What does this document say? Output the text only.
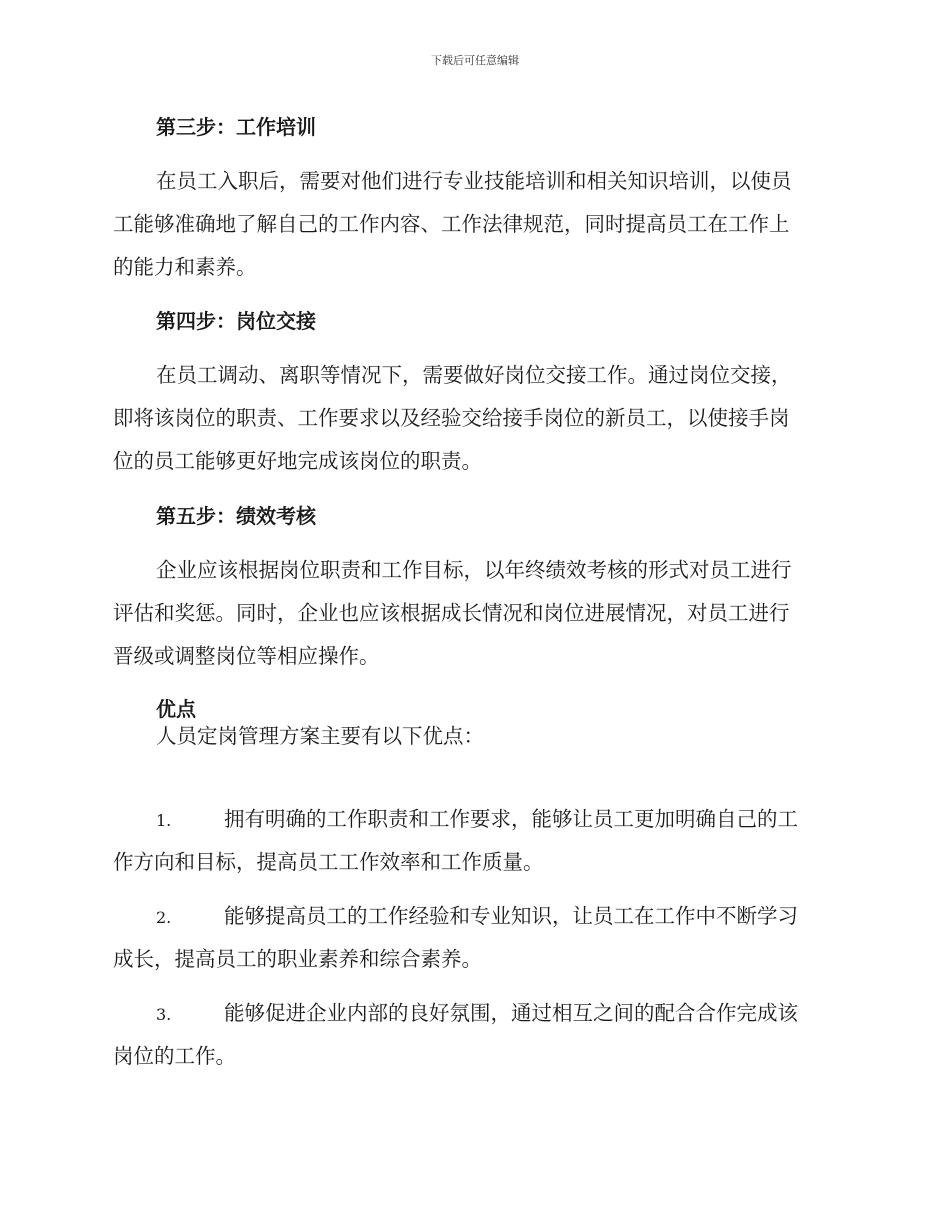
下载后可任意编辑
第三步：工作培训
在员工入职后，需要对他们进行专业技能培训和相关知识培训，以使员
工能够准确地了解自己的工作内容、工作法律规范，同时提高员工在工作上
的能力和素养。
第四步：岗位交接
在员工调动、离职等情况下，需要做好岗位交接工作。通过岗位交接，
即将该岗位的职责、工作要求以及经验交给接手岗位的新员工，以使接手岗
位的员工能够更好地完成该岗位的职责。
第五步：绩效考核
企业应该根据岗位职责和工作目标，以年终绩效考核的形式对员工进行
评估和奖惩。同时，企业也应该根据成长情况和岗位进展情况，对员工进行
晋级或调整岗位等相应操作。
优点
人员定岗管理方案主要有以下优点：
1.	拥有明确的工作职责和工作要求，能够让员工更加明确自己的工
作方向和目标，提高员工工作效率和工作质量。
2.	能够提高员工的工作经验和专业知识，让员工在工作中不断学习
成长，提高员工的职业素养和综合素养。
3.	能够促进企业内部的良好氛围，通过相互之间的配合合作完成该
岗位的工作。
